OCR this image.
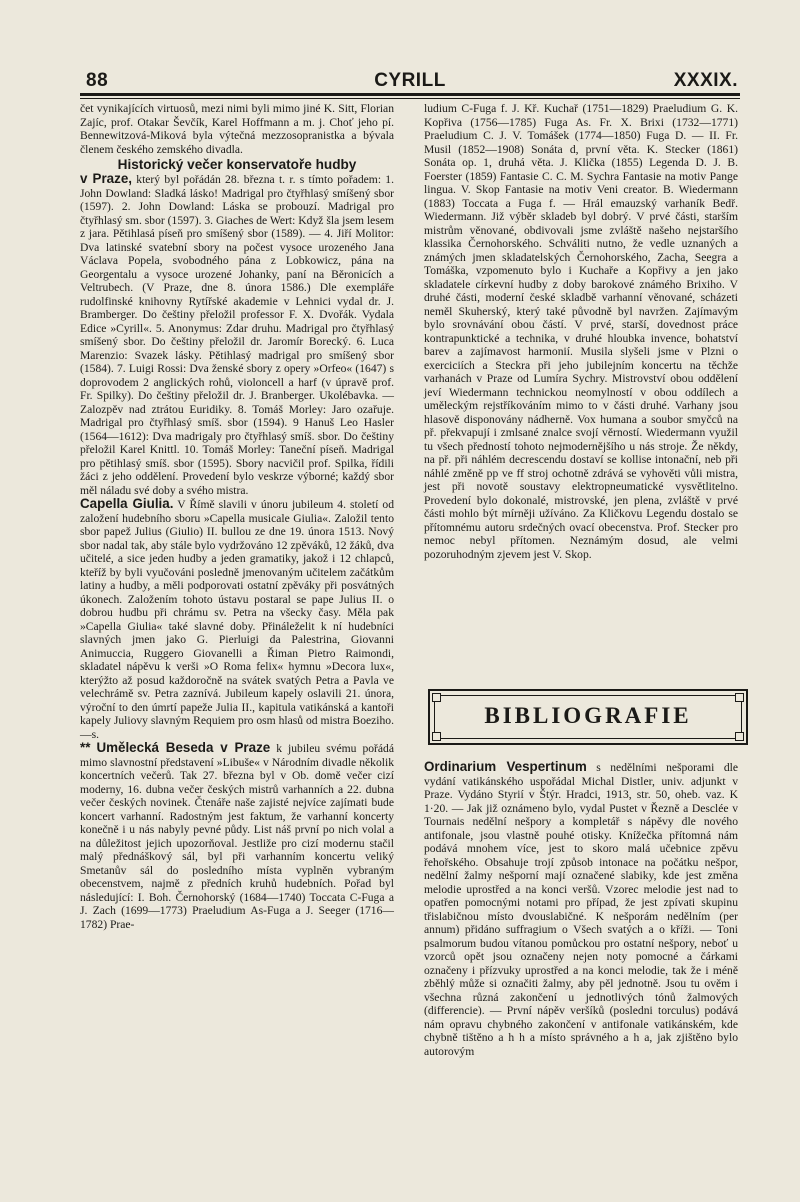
88	CYRILL	XXXIX.

čet vynikajících virtuosů, mezi nimi byli mimo jiné K. Sitt, Florian Zajíc, prof. Otakar Ševčík, Karel Hoffmann a m. j. Choť jeho pí. Bennewitzová-Miková byla výtečná mezzosopranistka a bývala členem českého zemského divadla.

Historický večer konservatoře hudby

v Praze, který byl pořádán 28. března t. r. s tímto pořadem: 1. John Dowland: Sladká lásko! Madrigal pro čtyřhlasý smíšený sbor (1597). 2. John Dowland: Láska se probouzí. Madrigal pro čtyřhlasý sm. sbor (1597). 3. Giaches de Wert: Když šla jsem lesem z jara. Pětihlasá píseň pro smíšený sbor (1589). — 4. Jiří Molitor: Dva latinské svatební sbory na počest vysoce urozeného Jana Václava Popela, svobodného pána z Lobkowicz, pána na Georgentalu a vysoce urozené Johanky, paní na Běronicích a Veltrubech. (V Praze, dne 8. února 1586.) Dle exempláře rudolfinské knihovny Rytířské akademie v Lehnici vydal dr. J. Bramberger. Do češtiny přeložil professor F. X. Dvořák. Vydala Edice »Cyrill«. 5. Anonymus: Zdar druhu. Madrigal pro čtyřhlasý smíšený sbor. Do češtiny přeložil dr. Jaromír Borecký. 6. Luca Marenzio: Svazek lásky. Pětihlasý madrigal pro smíšený sbor (1584). 7. Luigi Rossi: Dva ženské sbory z opery »Orfeo« (1647) s doprovodem 2 anglických rohů, violoncell a harf (v úpravě prof. Fr. Spilky). Do češtiny přeložil dr. J. Branberger. Ukolébavka. — Zalozpěv nad ztrátou Euridiky. 8. Tomáš Morley: Jaro ozařuje. Madrigal pro čtyřhlasý smíš. sbor (1594). 9 Hanuš Leo Hasler (1564—1612): Dva madrigaly pro čtyřhlasý smíš. sbor. Do češtiny přeložil Karel Knittl. 10. Tomáš Morley: Taneční píseň. Madrigal pro pětihlasý smíš. sbor (1595). Sbory nacvičil prof. Spilka, řídili žáci z jeho oddělení. Provedení bylo veskrze výborné; každý sbor měl náladu své doby a svého mistra.

Capella Giulia. V Římě slavili v únoru jubileum 4. století od založení hudebního sboru »Capella musicale Giulia«. Založil tento sbor papež Julius (Giulio) II. bullou ze dne 19. února 1513. Nový sbor nadal tak, aby stále bylo vydržováno 12 zpěváků, 12 žáků, dva učitelé, a sice jeden hudby a jeden gramatiky, jakož i 12 chlapců, kteříž by byli vyučováni posledně jmenovaným učitelem začátkům latiny a hudby, a měli podporovati ostatní zpěváky při posvátných úkonech. Založením tohoto ústavu postaral se pape Julius II. o dobrou hudbu při chrámu sv. Petra na všecky časy. Měla pak »Capella Giulia« také slavné doby. Přináleželit k ní hudebníci slavných jmen jako G. Pierluigi da Palestrina, Giovanni Animuccia, Ruggero Giovanelli a Řiman Pietro Raimondi, skladatel nápěvu k verši »O Roma felix« hymnu »Decora lux«, kterýžto až posud každoročně na svátek svatých Petra a Pavla ve velechrámě sv. Petra zaznívá. Jubileum kapely oslavili 21. února, výroční to den úmrtí papeže Julia II., kapitula vatikánská a kantoři kapely Juliovy slavným Requiem pro osm hlasů od mistra Boeziho. —s.

** Umělecká Beseda v Praze k jubileu svému pořádá mimo slavnostní představení »Libuše« v Národním divadle několik koncertních večerů. Tak 27. března byl v Ob. domě večer cizí moderny, 16. dubna večer českých mistrů varhanních a 22. dubna večer českých novinek. Čtenáře naše zajisté nejvíce zajímati bude koncert varhanní. Radostným jest faktum, že varhanní koncerty konečně i u nás nabyly pevné půdy. List náš první po nich volal a na důležitost jejich upozorňoval. Jestliže pro cizí modernu stačil malý přednáškový sál, byl při varhanním koncertu veliký Smetanův sál do posledního místa vyplněn vybraným obecenstvem, najmě z předních kruhů hudebních. Pořad byl následující: I. Boh. Černohorský (1684—1740) Toccata C-Fuga a J. Zach (1699—1773) Praeludium As-Fuga a J. Seeger (1716—1782) Prae-

ludium C-Fuga f. J. Kř. Kuchař (1751—1829) Praeludium G. K. Kopřiva (1756—1785) Fuga As. Fr. X. Brixi (1732—1771) Praeludium C. J. V. Tomášek (1774—1850) Fuga D. — II. Fr. Musil (1852—1908) Sonáta d, první věta. K. Stecker (1861) Sonáta op. 1, druhá věta. J. Klička (1855) Legenda D. J. B. Foerster (1859) Fantasie C. C. M. Sychra Fantasie na motiv Pange lingua. V. Skop Fantasie na motiv Veni creator. B. Wiedermann (1883) Toccata a Fuga f. — Hrál emauzský varhaník Bedř. Wiedermann. Již výběr skladeb byl dobrý. V prvé části, starším mistrům věnované, obdivovali jsme zvláště našeho nejstaršího klassika Černohorského. Schváliti nutno, že vedle uznaných a známých jmen skladatelských Černohorského, Zacha, Seegra a Tomáška, vzpomenuto bylo i Kuchaře a Kopřivy a jen jako skladatele církevní hudby z doby barokové známého Brixiho. V druhé části, moderní české skladbě varhanní věnované, scházeti neměl Skuherský, který také původně byl navržen. Zajímavým bylo srovnávání obou částí. V prvé, starší, dovednost práce kontrapunktické a technika, v druhé hloubka invence, bohatství barev a zajímavost harmonií. Musila slyšeli jsme v Plzni o exerciciích a Steckra při jeho jubilejním koncertu na těchže varhanách v Praze od Lumíra Sychry. Mistrovství obou oddělení jeví Wiedermann technickou neomylností v obou oddílech a uměleckým rejstříkováním mimo to v části druhé. Varhany jsou hlasově disponovány nádherně. Vox humana a soubor smyčců na př. překvapují i zmlsané znalce svojí věrností. Wiedermann využil tu všech předností tohoto nejmodernějšího u nás stroje. Že někdy, na př. při náhlém decrescendu dostaví se kollise intonační, neb při náhlé změně pp ve ff stroj ochotně zdrává se vyhověti vůli mistra, jest při novotě soustavy elektropneumatické vysvětlitelno. Provedení bylo dokonalé, mistrovské, jen plena, zvláště v prvé části mohlo být mírněji užíváno. Za Kličkovu Legendu dostalo se přítomnému autoru srdečných ovací obecenstva. Prof. Stecker pro nemoc nebyl přítomen. Neznámým dosud, ale velmi pozoruhodným zjevem jest V. Skop.

BIBLIOGRAFIE

Ordinarium Vespertinum s nedělními nešporami dle vydání vatikánského uspořádal Michal Distler, univ. adjunkt v Praze. Vydáno Styrií v Štýr. Hradci, 1913, str. 50, oheb. vaz. K 1·20. — Jak již oznámeno bylo, vydal Pustet v Řezně a Desclée v Tournais nedělní nešpory a kompletář s nápěvy dle nového antifonale, jsou vlastně pouhé otisky. Knížečka přítomná nám podává mnohem více, jest to skoro malá učebnice zpěvu řehořského. Obsahuje trojí způsob intonace na počátku nešpor, nedělní žalmy nešporní mají označené slabiky, kde jest změna melodie uprostřed a na konci veršů. Vzorec melodie jest nad to opatřen pomocnými notami pro případ, že jest zpívati skupinu třislabičnou místo dvouslabičné. K nešporám nedělním (per annum) přidáno suffragium o Všech svatých a o kříži. — Toni psalmorum budou vítanou pomůckou pro ostatní nešpory, neboť u vzorců opět jsou označeny nejen noty pomocné a čárkami označeny i přízvuky uprostřed a na konci melodie, tak že i méně zběhlý může si označiti žalmy, aby pěl jednotně. Jsou tu ověm i všechna různá zakončení u jednotlivých tónů žalmových (differencie). — První nápěv veršíků (posledni torculus) podává nám opravu chybného zakončení v antifonale vatikánském, kde chybně tištěno a h h a místo správného a h a, jak zjištěno bylo autorovým
